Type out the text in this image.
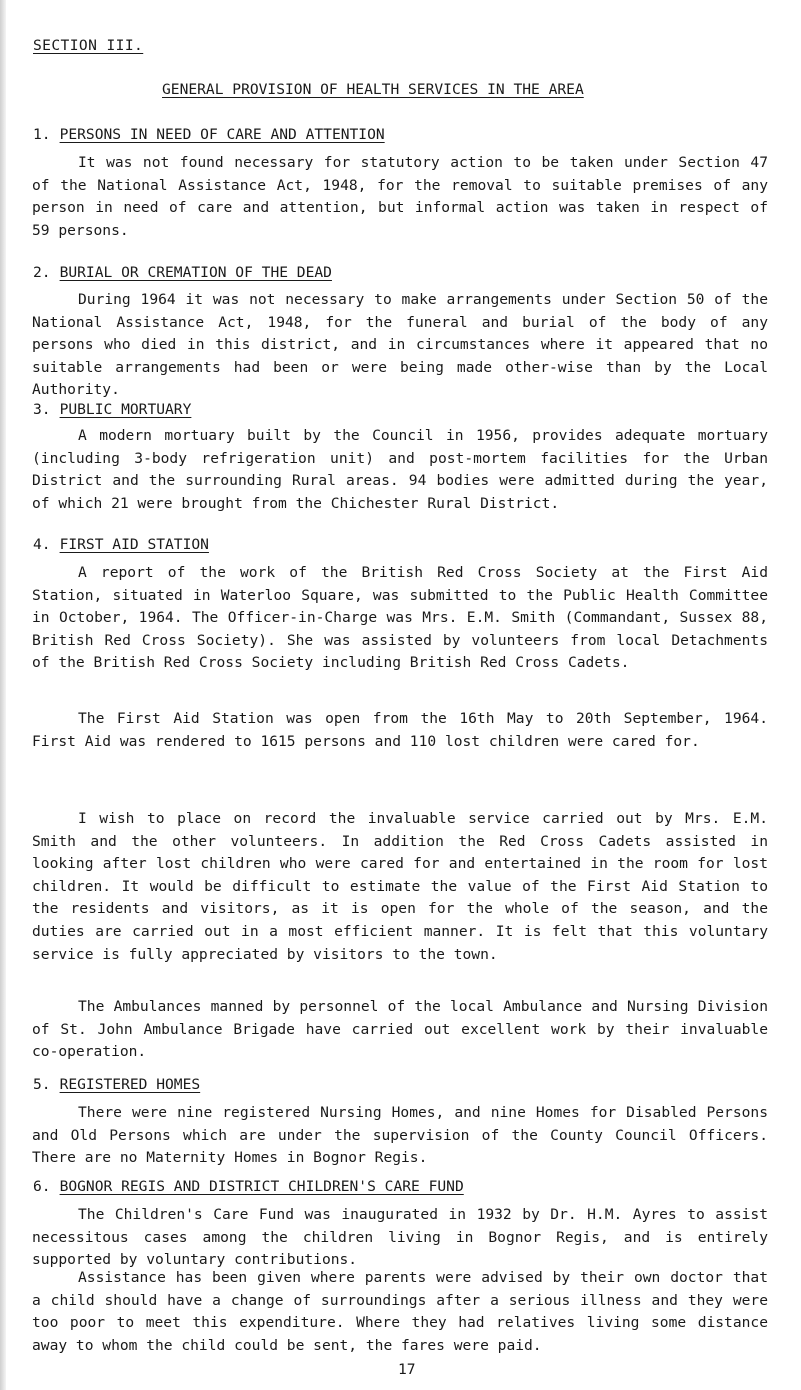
SECTION III.
GENERAL PROVISION OF HEALTH SERVICES IN THE AREA
1. PERSONS IN NEED OF CARE AND ATTENTION

It was not found necessary for statutory action to be taken under Section 47 of the National Assistance Act, 1948, for the removal to suitable premises of any person in need of care and attention, but informal action was taken in respect of 59 persons.

2. BURIAL OR CREMATION OF THE DEAD

During 1964 it was not necessary to make arrangements under Section 50 of the National Assistance Act, 1948, for the funeral and burial of the body of any persons who died in this district, and in circumstances where it appeared that no suitable arrangements had been or were being made other-wise than by the Local Authority.

3. PUBLIC MORTUARY

A modern mortuary built by the Council in 1956, provides adequate mortuary (including 3-body refrigeration unit) and post-mortem facilities for the Urban District and the surrounding Rural areas. 94 bodies were admitted during the year, of which 21 were brought from the Chichester Rural District.

4. FIRST AID STATION

A report of the work of the British Red Cross Society at the First Aid Station, situated in Waterloo Square, was submitted to the Public Health Committee in October, 1964. The Officer-in-Charge was Mrs. E.M. Smith (Commandant, Sussex 88, British Red Cross Society). She was assisted by volunteers from local Detachments of the British Red Cross Society including British Red Cross Cadets.

The First Aid Station was open from the 16th May to 20th September, 1964. First Aid was rendered to 1615 persons and 110 lost children were cared for.

I wish to place on record the invaluable service carried out by Mrs. E.M. Smith and the other volunteers. In addition the Red Cross Cadets assisted in looking after lost children who were cared for and entertained in the room for lost children. It would be difficult to estimate the value of the First Aid Station to the residents and visitors, as it is open for the whole of the season, and the duties are carried out in a most efficient manner. It is felt that this voluntary service is fully appreciated by visitors to the town.

The Ambulances manned by personnel of the local Ambulance and Nursing Division of St. John Ambulance Brigade have carried out excellent work by their invaluable co-operation.

5. REGISTERED HOMES

There were nine registered Nursing Homes, and nine Homes for Disabled Persons and Old Persons which are under the supervision of the County Council Officers. There are no Maternity Homes in Bognor Regis.

6. BOGNOR REGIS AND DISTRICT CHILDREN'S CARE FUND

The Children's Care Fund was inaugurated in 1932 by Dr. H.M. Ayres to assist necessitous cases among the children living in Bognor Regis, and is entirely supported by voluntary contributions.

Assistance has been given where parents were advised by their own doctor that a child should have a change of surroundings after a serious illness and they were too poor to meet this expenditure. Where they had relatives living some distance away to whom the child could be sent, the fares were paid.

17
